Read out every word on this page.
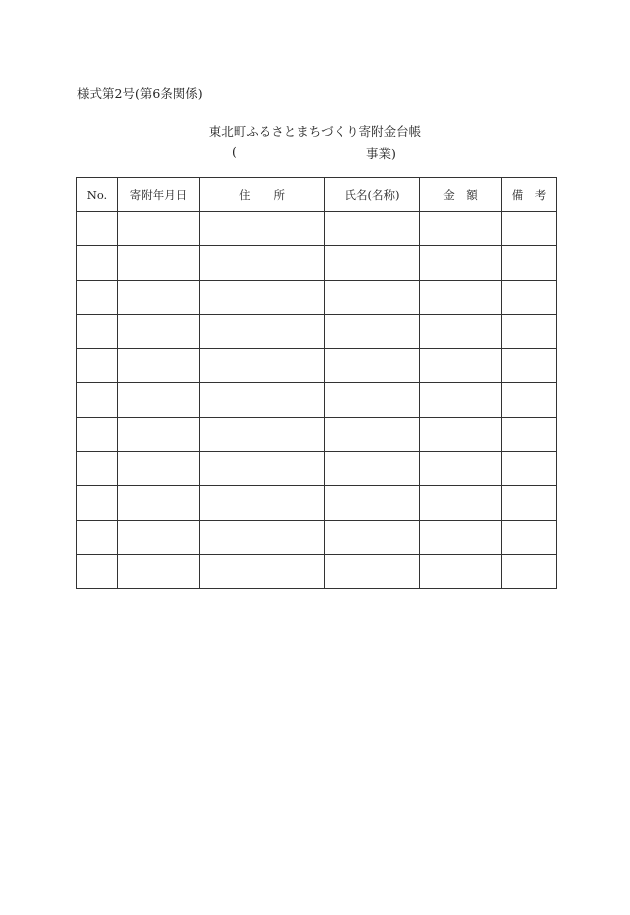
様式第2号(第6条関係)
東北町ふるさとまちづくり寄附金台帳
(	事業)
No.	寄附年月日	住　　所	氏名(名称)	金　額	備　考
